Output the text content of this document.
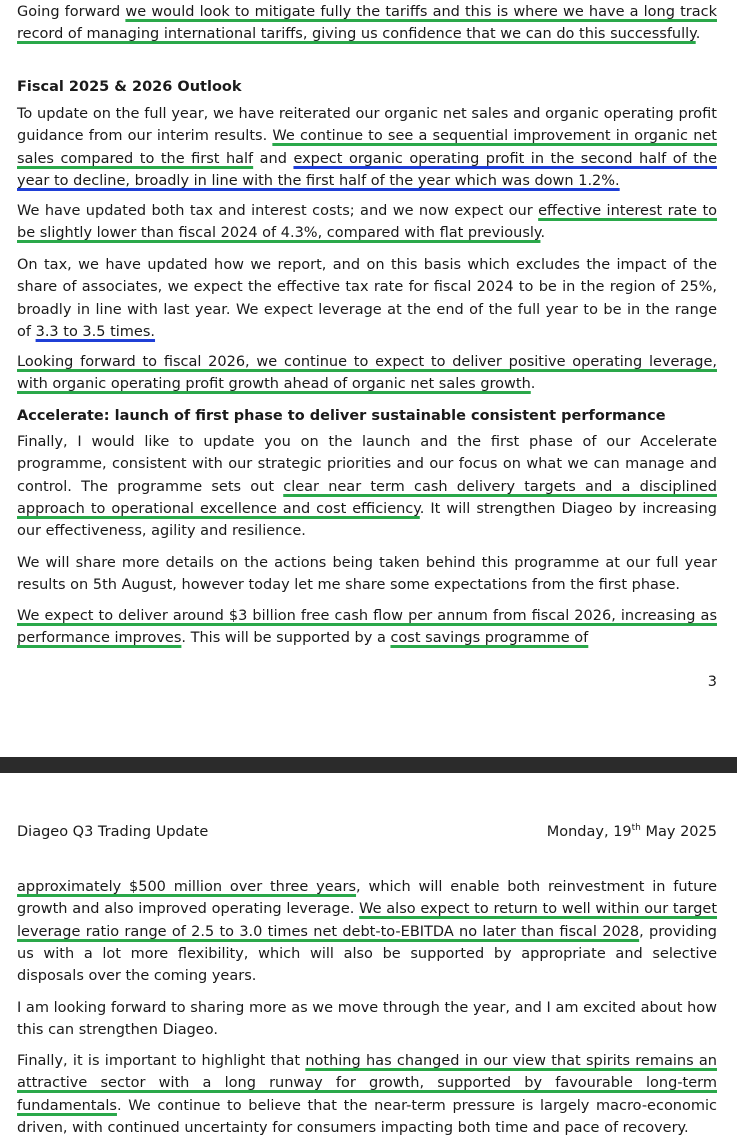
Going forward we would look to mitigate fully the tariffs and this is where we have a long track record of managing international tariffs, giving us confidence that we can do this successfully.

Fiscal 2025 & 2026 Outlook

To update on the full year, we have reiterated our organic net sales and organic operating profit guidance from our interim results. We continue to see a sequential improvement in organic net sales compared to the first half and expect organic operating profit in the second half of the year to decline, broadly in line with the first half of the year which was down 1.2%.

We have updated both tax and interest costs; and we now expect our effective interest rate to be slightly lower than fiscal 2024 of 4.3%, compared with flat previously.

On tax, we have updated how we report, and on this basis which excludes the impact of the share of associates, we expect the effective tax rate for fiscal 2024 to be in the region of 25%, broadly in line with last year. We expect leverage at the end of the full year to be in the range of 3.3 to 3.5 times.

Looking forward to fiscal 2026, we continue to expect to deliver positive operating leverage, with organic operating profit growth ahead of organic net sales growth.

Accelerate: launch of first phase to deliver sustainable consistent performance

Finally, I would like to update you on the launch and the first phase of our Accelerate programme, consistent with our strategic priorities and our focus on what we can manage and control. The programme sets out clear near term cash delivery targets and a disciplined approach to operational excellence and cost efficiency. It will strengthen Diageo by increasing our effectiveness, agility and resilience.

We will share more details on the actions being taken behind this programme at our full year results on 5th August, however today let me share some expectations from the first phase.

We expect to deliver around $3 billion free cash flow per annum from fiscal 2026, increasing as performance improves. This will be supported by a cost savings programme of

3
Diageo Q3 Trading Update	Monday, 19th May 2025

approximately $500 million over three years, which will enable both reinvestment in future growth and also improved operating leverage. We also expect to return to well within our target leverage ratio range of 2.5 to 3.0 times net debt-to-EBITDA no later than fiscal 2028, providing us with a lot more flexibility, which will also be supported by appropriate and selective disposals over the coming years.

I am looking forward to sharing more as we move through the year, and I am excited about how this can strengthen Diageo.

Finally, it is important to highlight that nothing has changed in our view that spirits remains an attractive sector with a long runway for growth, supported by favourable long-term fundamentals. We continue to believe that the near-term pressure is largely macro-economic driven, with continued uncertainty for consumers impacting both time and pace of recovery.
